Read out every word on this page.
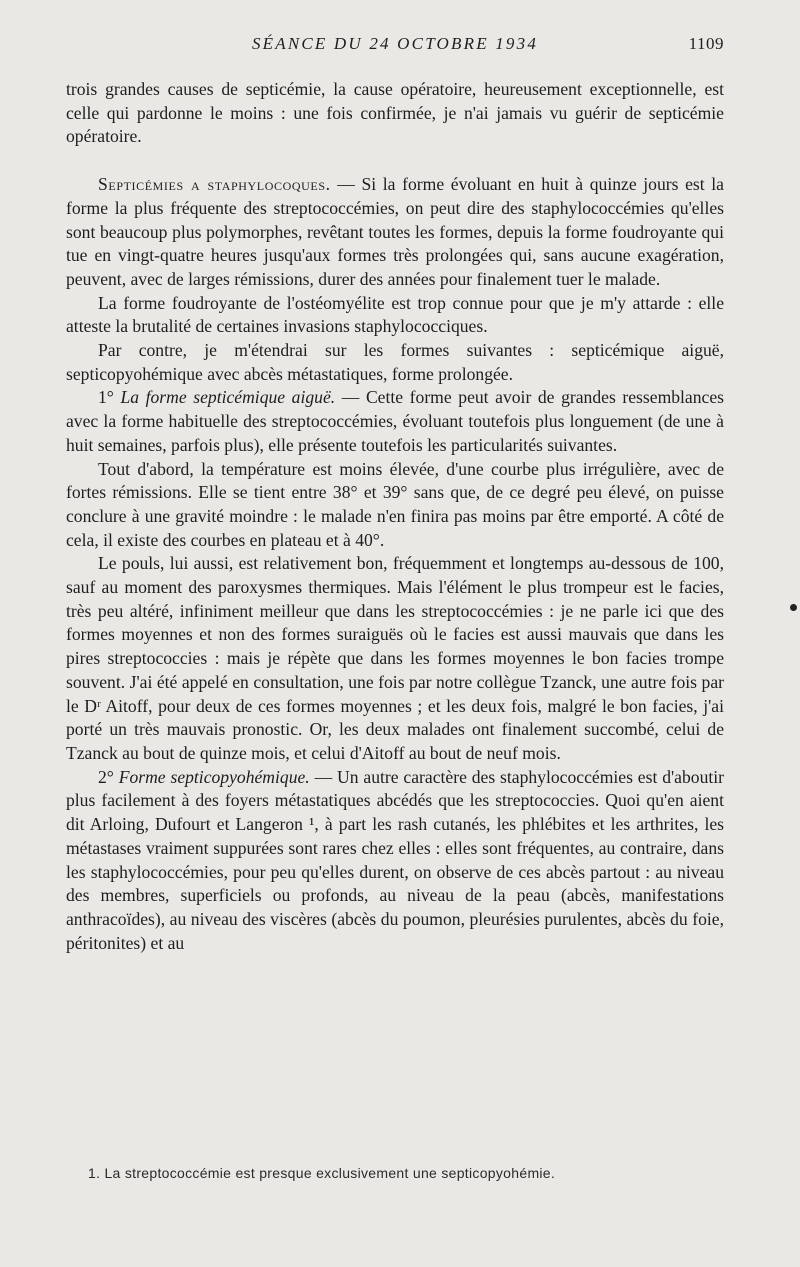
SÉANCE DU 24 OCTOBRE 1934	1109

trois grandes causes de septicémie, la cause opératoire, heureusement exceptionnelle, est celle qui pardonne le moins : une fois confirmée, je n'ai jamais vu guérir de septicémie opératoire.

Septicémies a staphylocoques. — Si la forme évoluant en huit à quinze jours est la forme la plus fréquente des streptococcémies, on peut dire des staphylococcémies qu'elles sont beaucoup plus polymorphes, revêtant toutes les formes, depuis la forme foudroyante qui tue en vingt-quatre heures jusqu'aux formes très prolongées qui, sans aucune exagération, peuvent, avec de larges rémissions, durer des années pour finalement tuer le malade.

La forme foudroyante de l'ostéomyélite est trop connue pour que je m'y attarde : elle atteste la brutalité de certaines invasions staphylococciques.

Par contre, je m'étendrai sur les formes suivantes : septicémique aiguë, septicopyohémique avec abcès métastatiques, forme prolongée.

1° La forme septicémique aiguë. — Cette forme peut avoir de grandes ressemblances avec la forme habituelle des streptococcémies, évoluant toutefois plus longuement (de une à huit semaines, parfois plus), elle présente toutefois les particularités suivantes.

Tout d'abord, la température est moins élevée, d'une courbe plus irrégulière, avec de fortes rémissions. Elle se tient entre 38° et 39° sans que, de ce degré peu élevé, on puisse conclure à une gravité moindre : le malade n'en finira pas moins par être emporté. A côté de cela, il existe des courbes en plateau et à 40°.

Le pouls, lui aussi, est relativement bon, fréquemment et longtemps au-dessous de 100, sauf au moment des paroxysmes thermiques. Mais l'élément le plus trompeur est le facies, très peu altéré, infiniment meilleur que dans les streptococcémies : je ne parle ici que des formes moyennes et non des formes suraiguës où le facies est aussi mauvais que dans les pires streptococcies : mais je répète que dans les formes moyennes le bon facies trompe souvent. J'ai été appelé en consultation, une fois par notre collègue Tzanck, une autre fois par le Dʳ Aitoff, pour deux de ces formes moyennes ; et les deux fois, malgré le bon facies, j'ai porté un très mauvais pronostic. Or, les deux malades ont finalement succombé, celui de Tzanck au bout de quinze mois, et celui d'Aitoff au bout de neuf mois.

2° Forme septicopyohémique. — Un autre caractère des staphylococcémies est d'aboutir plus facilement à des foyers métastatiques abcédés que les streptococcies. Quoi qu'en aient dit Arloing, Dufourt et Langeron ¹, à part les rash cutanés, les phlébites et les arthrites, les métastases vraiment suppurées sont rares chez elles : elles sont fréquentes, au contraire, dans les staphylococcémies, pour peu qu'elles durent, on observe de ces abcès partout : au niveau des membres, superficiels ou profonds, au niveau de la peau (abcès, manifestations anthracoïdes), au niveau des viscères (abcès du poumon, pleurésies purulentes, abcès du foie, péritonites) et au

1. La streptococcémie est presque exclusivement une septicopyohémie.
